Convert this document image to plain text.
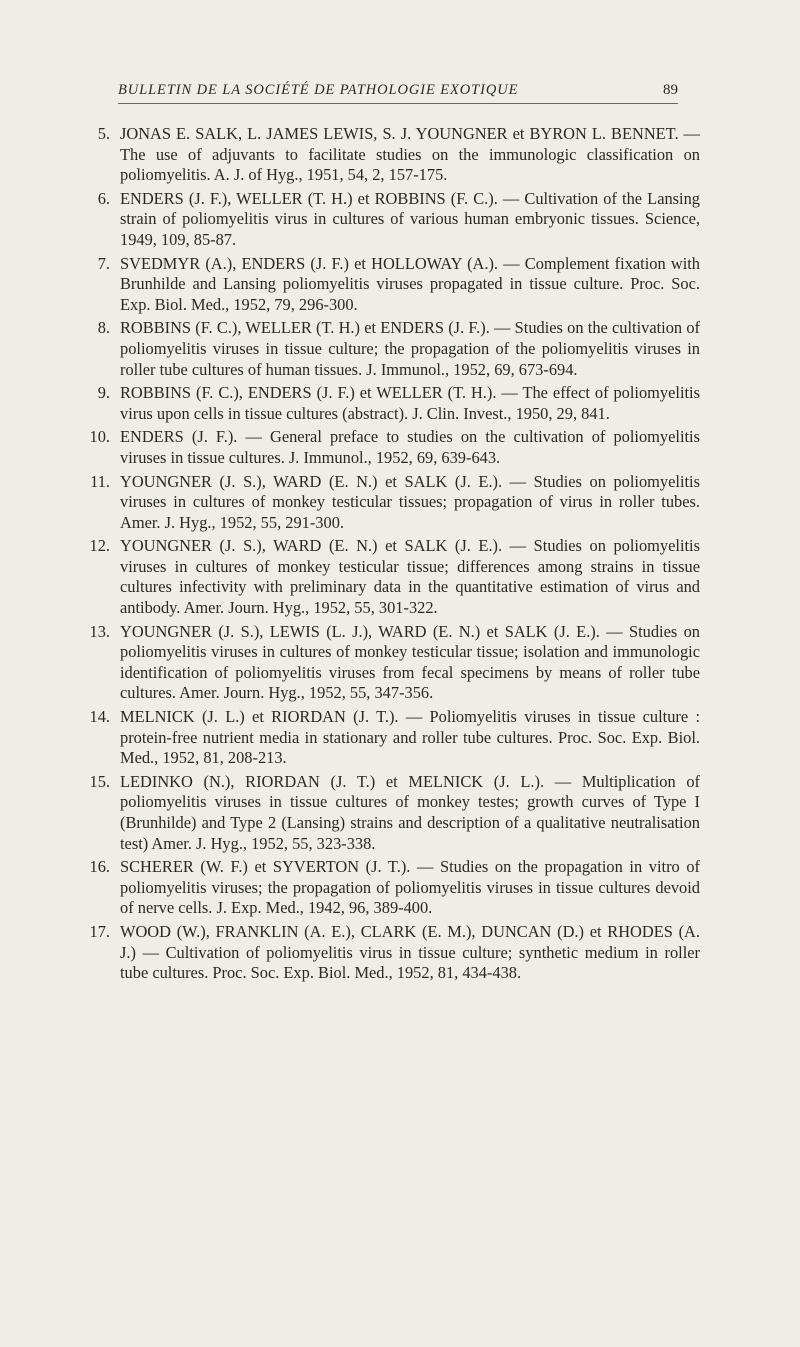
BULLETIN DE LA SOCIÉTÉ DE PATHOLOGIE EXOTIQUE	89
5. JONAS E. SALK, L. JAMES LEWIS, S. J. YOUNGNER et BYRON L. BENNET. — The use of adjuvants to facilitate studies on the immunologic classification on poliomyelitis. A. J. of Hyg., 1951, 54, 2, 157-175.
6. ENDERS (J. F.), WELLER (T. H.) et ROBBINS (F. C.). — Cultivation of the Lansing strain of poliomyelitis virus in cultures of various human embryonic tissues. Science, 1949, 109, 85-87.
7. SVEDMYR (A.), ENDERS (J. F.) et HOLLOWAY (A.). — Complement fixation with Brunhilde and Lansing poliomyelitis viruses propagated in tissue culture. Proc. Soc. Exp. Biol. Med., 1952, 79, 296-300.
8. ROBBINS (F. C.), WELLER (T. H.) et ENDERS (J. F.). — Studies on the cultivation of poliomyelitis viruses in tissue culture; the propagation of the poliomyelitis viruses in roller tube cultures of human tissues. J. Immunol., 1952, 69, 673-694.
9. ROBBINS (F. C.), ENDERS (J. F.) et WELLER (T. H.). — The effect of poliomyelitis virus upon cells in tissue cultures (abstract). J. Clin. Invest., 1950, 29, 841.
10. ENDERS (J. F.). — General preface to studies on the cultivation of poliomyelitis viruses in tissue cultures. J. Immunol., 1952, 69, 639-643.
11. YOUNGNER (J. S.), WARD (E. N.) et SALK (J. E.). — Studies on poliomyelitis viruses in cultures of monkey testicular tissues; propagation of virus in roller tubes. Amer. J. Hyg., 1952, 55, 291-300.
12. YOUNGNER (J. S.), WARD (E. N.) et SALK (J. E.). — Studies on poliomyelitis viruses in cultures of monkey testicular tissue; differences among strains in tissue cultures infectivity with preliminary data in the quantitative estimation of virus and antibody. Amer. Journ. Hyg., 1952, 55, 301-322.
13. YOUNGNER (J. S.), LEWIS (L. J.), WARD (E. N.) et SALK (J. E.). — Studies on poliomyelitis viruses in cultures of monkey testicular tissue; isolation and immunologic identification of poliomyelitis viruses from fecal specimens by means of roller tube cultures. Amer. Journ. Hyg., 1952, 55, 347-356.
14. MELNICK (J. L.) et RIORDAN (J. T.). — Poliomyelitis viruses in tissue culture : protein-free nutrient media in stationary and roller tube cultures. Proc. Soc. Exp. Biol. Med., 1952, 81, 208-213.
15. LEDINKO (N.), RIORDAN (J. T.) et MELNICK (J. L.). — Multiplication of poliomyelitis viruses in tissue cultures of monkey testes; growth curves of Type I (Brunhilde) and Type 2 (Lansing) strains and description of a qualitative neutralisation test) Amer. J. Hyg., 1952, 55, 323-338.
16. SCHERER (W. F.) et SYVERTON (J. T.). — Studies on the propagation in vitro of poliomyelitis viruses; the propagation of poliomyelitis viruses in tissue cultures devoid of nerve cells. J. Exp. Med., 1942, 96, 389-400.
17. WOOD (W.), FRANKLIN (A. E.), CLARK (E. M.), DUNCAN (D.) et RHODES (A. J.) — Cultivation of poliomyelitis virus in tissue culture; synthetic medium in roller tube cultures. Proc. Soc. Exp. Biol. Med., 1952, 81, 434-438.
